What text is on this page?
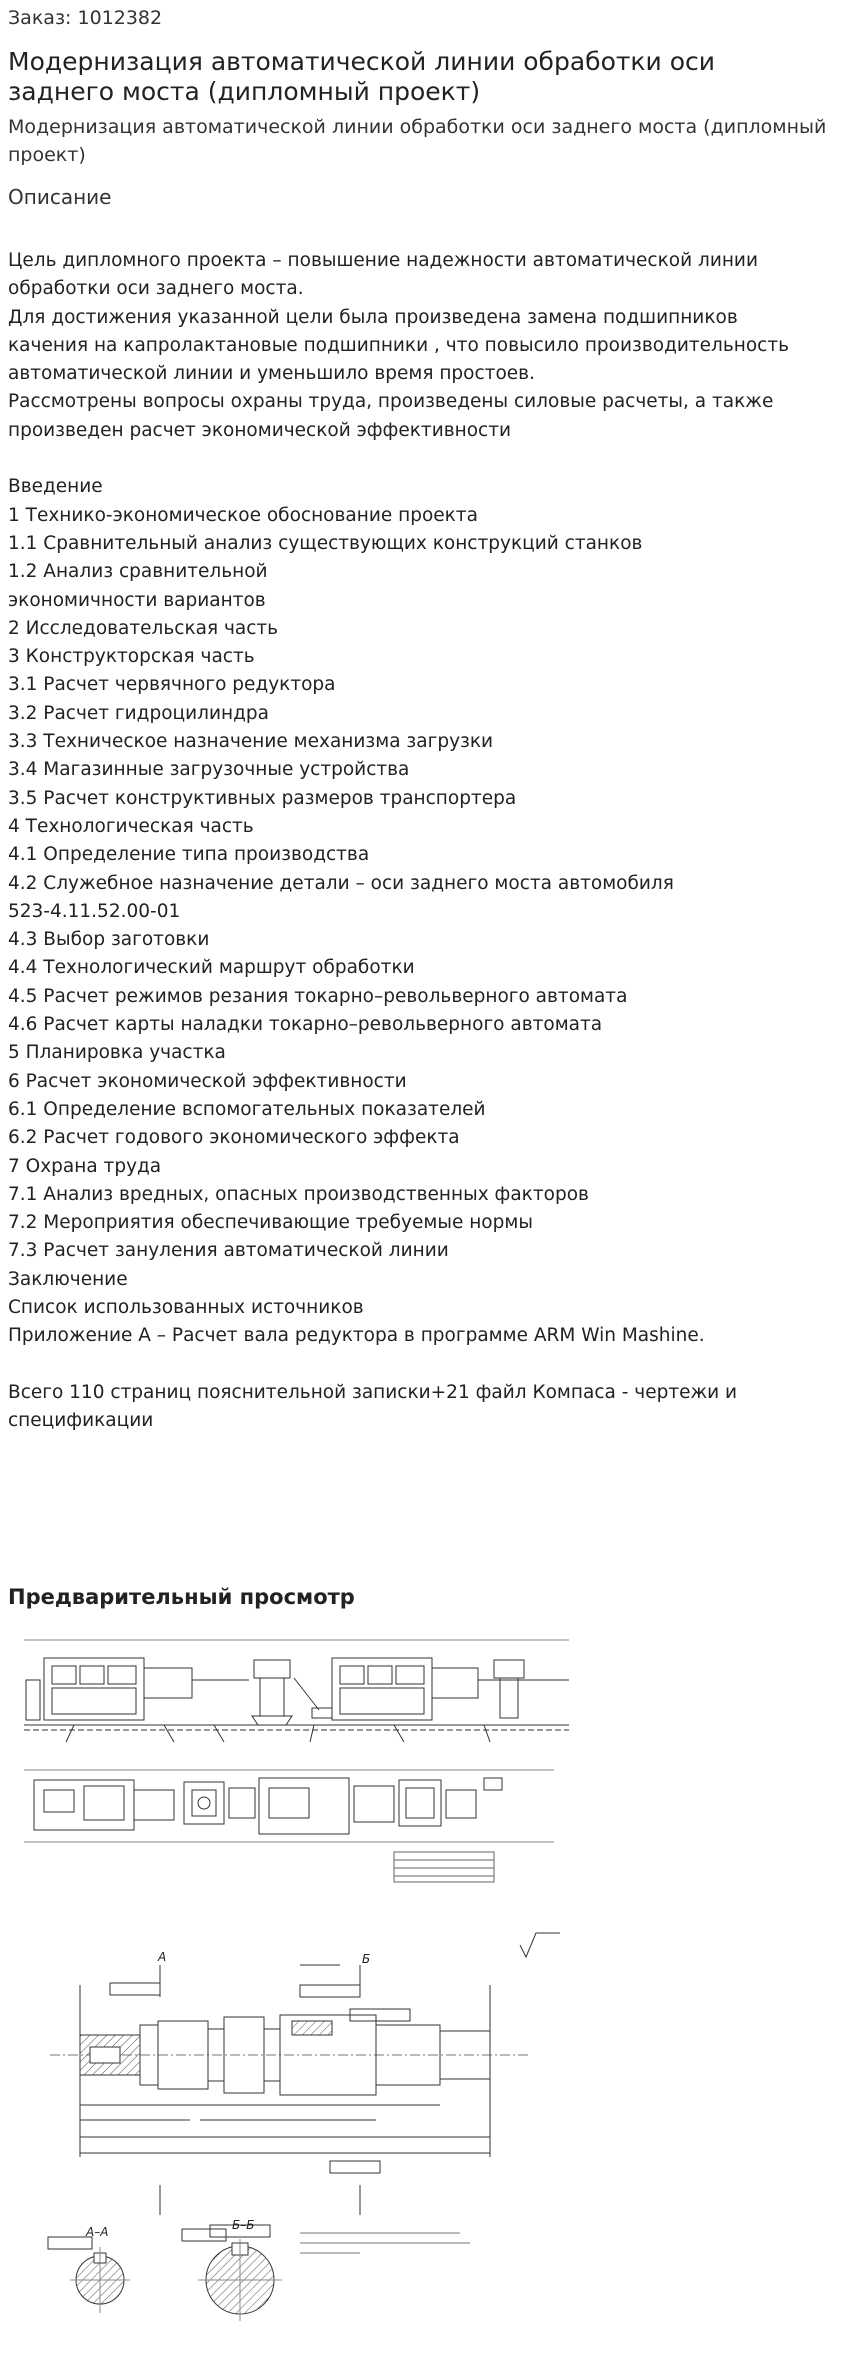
Заказ: 1012382
Модернизация автоматической линии обработки оси заднего моста (дипломный проект)
Модернизация автоматической линии обработки оси заднего моста (дипломный проект)
Описание
Цель дипломного проекта – повышение надежности автоматической линии
обработки оси заднего моста.
Для достижения указанной цели была произведена замена подшипников
качения на капролактановые подшипники , что повысило производительность
автоматической линии и уменьшило время простоев.
Рассмотрены вопросы охраны труда, произведены силовые расчеты, а также
произведен расчет экономической эффективности
Введение
1 Технико-экономическое обоснование проекта
1.1 Сравнительный анализ существующих конструкций станков
1.2 Анализ сравнительной
экономичности вариантов
2 Исследовательская часть
3 Конструкторская часть
3.1 Расчет червячного редуктора
3.2 Расчет гидроцилиндра
3.3 Техническое назначение механизма загрузки
3.4 Магазинные загрузочные устройства
3.5 Расчет конструктивных размеров транспортера
4 Технологическая часть
4.1 Определение типа производства
4.2 Служебное назначение детали – оси заднего моста автомобиля
523-4.11.52.00-01
4.3 Выбор заготовки
4.4 Технологический маршрут обработки
4.5 Расчет режимов резания токарно–револьверного автомата
4.6 Расчет карты наладки токарно–револьверного автомата
5 Планировка участка
6 Расчет экономической эффективности
6.1 Определение вспомогательных показателей
6.2 Расчет годового экономического эффекта
7 Охрана труда
7.1 Анализ вредных, опасных производственных факторов
7.2 Мероприятия обеспечивающие требуемые нормы
7.3 Расчет зануления автоматической линии
Заключение
Список использованных источников
Приложение А – Расчет вала редуктора в программе ARM Win Mashine.
Всего 110 страниц пояснительной записки+21 файл Компаса - чертежи и
спецификации
Предварительный просмотр
А	Б
А–А	Б–Б
